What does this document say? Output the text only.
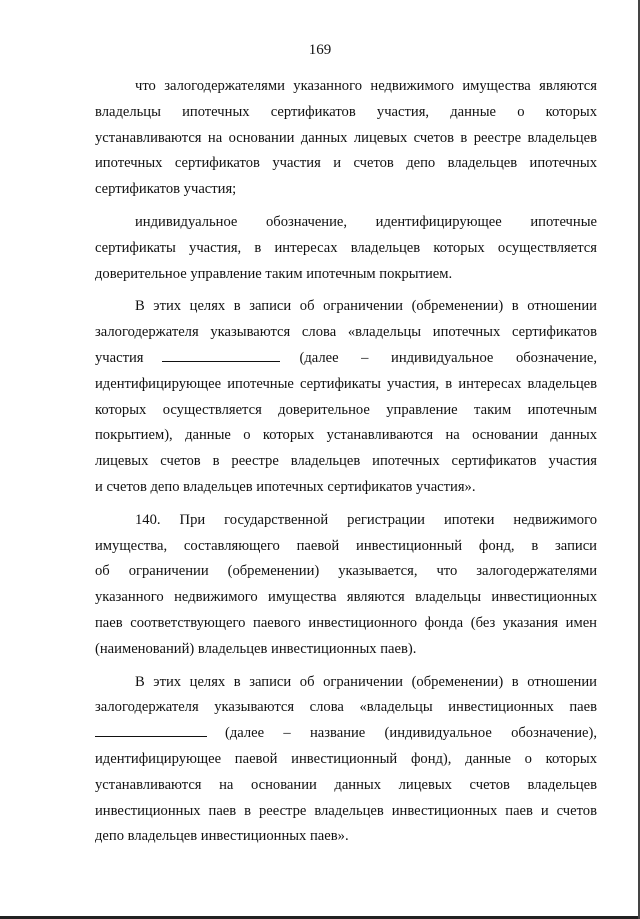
169
что залогодержателями указанного недвижимого имущества являются
владельцы ипотечных сертификатов участия, данные о которых
устанавливаются на основании данных лицевых счетов в реестре владельцев
ипотечных сертификатов участия и счетов депо владельцев ипотечных
сертификатов участия;
индивидуальное обозначение, идентифицирующее ипотечные
сертификаты участия, в интересах владельцев которых осуществляется
доверительное управление таким ипотечным покрытием.
В этих целях в записи об ограничении (обременении) в отношении
залогодержателя указываются слова «владельцы ипотечных сертификатов
участия	(далее – индивидуальное обозначение,
идентифицирующее ипотечные сертификаты участия, в интересах владельцев
которых осуществляется доверительное управление таким ипотечным
покрытием), данные о которых устанавливаются на основании данных
лицевых счетов в реестре владельцев ипотечных сертификатов участия
и счетов депо владельцев ипотечных сертификатов участия».
140. При государственной регистрации ипотеки недвижимого
имущества, составляющего паевой инвестиционный фонд, в записи
об ограничении (обременении) указывается, что залогодержателями
указанного недвижимого имущества являются владельцы инвестиционных
паев соответствующего паевого инвестиционного фонда (без указания имен
(наименований) владельцев инвестиционных паев).
В этих целях в записи об ограничении (обременении) в отношении
залогодержателя указываются слова «владельцы инвестиционных паев
(далее – название (индивидуальное обозначение),
идентифицирующее паевой инвестиционный фонд), данные о которых
устанавливаются на основании данных лицевых счетов владельцев
инвестиционных паев в реестре владельцев инвестиционных паев и счетов
депо владельцев инвестиционных паев».
